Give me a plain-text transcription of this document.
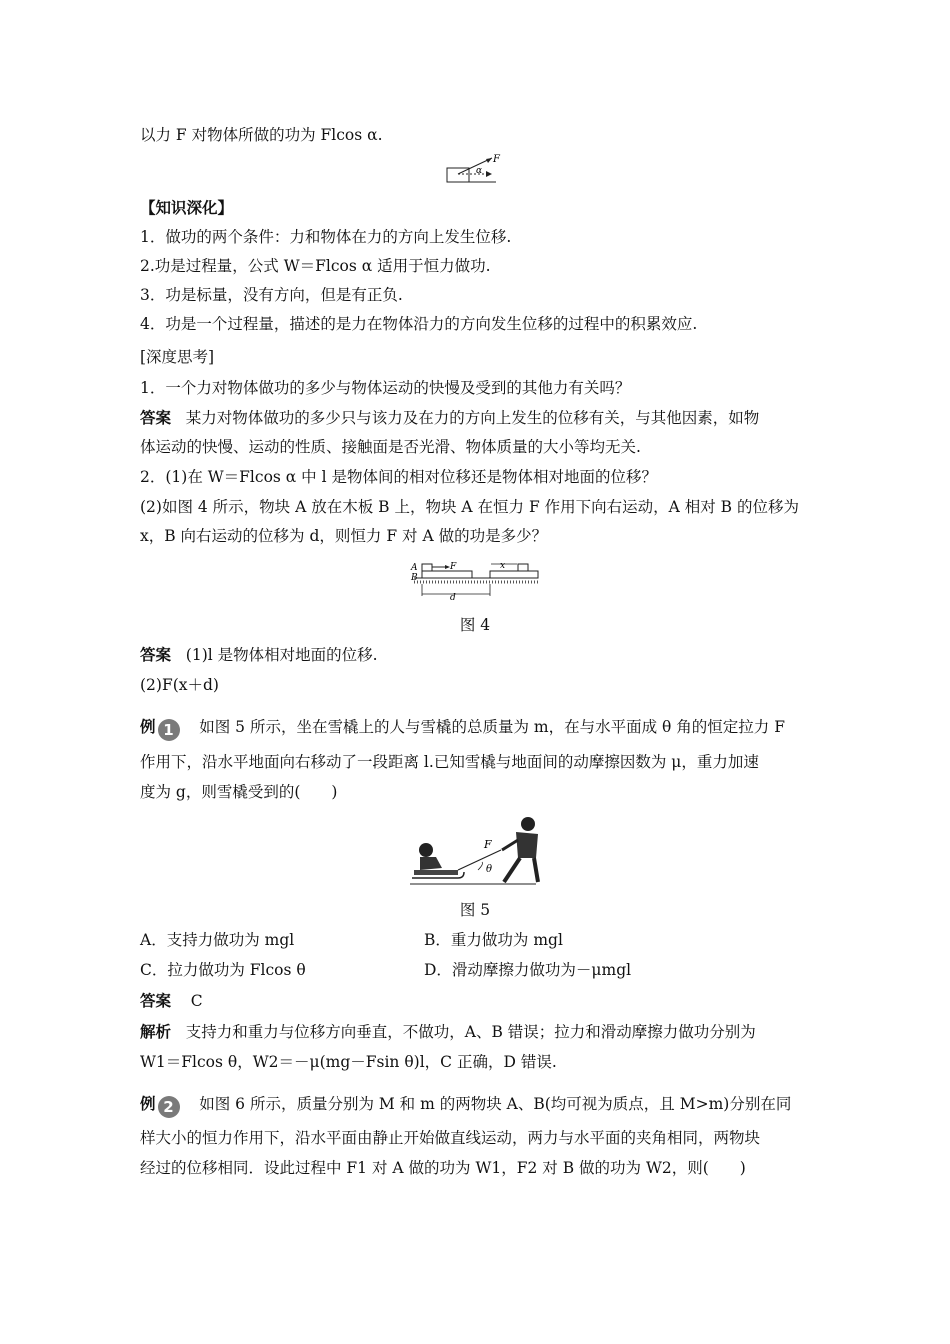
以力 F 对物体所做的功为 Flcos α.
F
α
【知识深化】
1．做功的两个条件：力和物体在力的方向上发生位移.
2.功是过程量，公式 W＝Flcos α 适用于恒力做功.
3．功是标量，没有方向，但是有正负.
4．功是一个过程量，描述的是力在物体沿力的方向发生位移的过程中的积累效应.
[深度思考]
1．一个力对物体做功的多少与物体运动的快慢及受到的其他力有关吗？
答案 某力对物体做功的多少只与该力及在力的方向上发生的位移有关，与其他因素，如物
体运动的快慢、运动的性质、接触面是否光滑、物体质量的大小等均无关.
2．(1)在 W＝Flcos α 中 l 是物体间的相对位移还是物体相对地面的位移？
(2)如图 4 所示，物块 A 放在木板 B 上，物块 A 在恒力 F 作用下向右运动，A 相对 B 的位移为
x，B 向右运动的位移为 d，则恒力 F 对 A 做的功是多少？
A
B
F	x
d
图 4
答案 (1)l 是物体相对地面的位移.
(2)F(x＋d)
例 1 如图 5 所示，坐在雪橇上的人与雪橇的总质量为 m，在与水平面成 θ 角的恒定拉力 F
作用下，沿水平地面向右移动了一段距离 l.已知雪橇与地面间的动摩擦因数为 μ，重力加速
度为 g，则雪橇受到的(　　)
F
θ
图 5
A．支持力做功为 mgl	B．重力做功为 mgl
C．拉力做功为 Flcos θ	D．滑动摩擦力做功为－μmgl
答案 C
解析 支持力和重力与位移方向垂直，不做功，A、B 错误；拉力和滑动摩擦力做功分别为
W1＝Flcos θ，W2＝－μ(mg－Fsin θ)l，C 正确，D 错误.
例 2 如图 6 所示，质量分别为 M 和 m 的两物块 A、B(均可视为质点，且 M>m)分别在同
样大小的恒力作用下，沿水平面由静止开始做直线运动，两力与水平面的夹角相同，两物块
经过的位移相同．设此过程中 F1 对 A 做的功为 W1，F2 对 B 做的功为 W2，则(　　)
